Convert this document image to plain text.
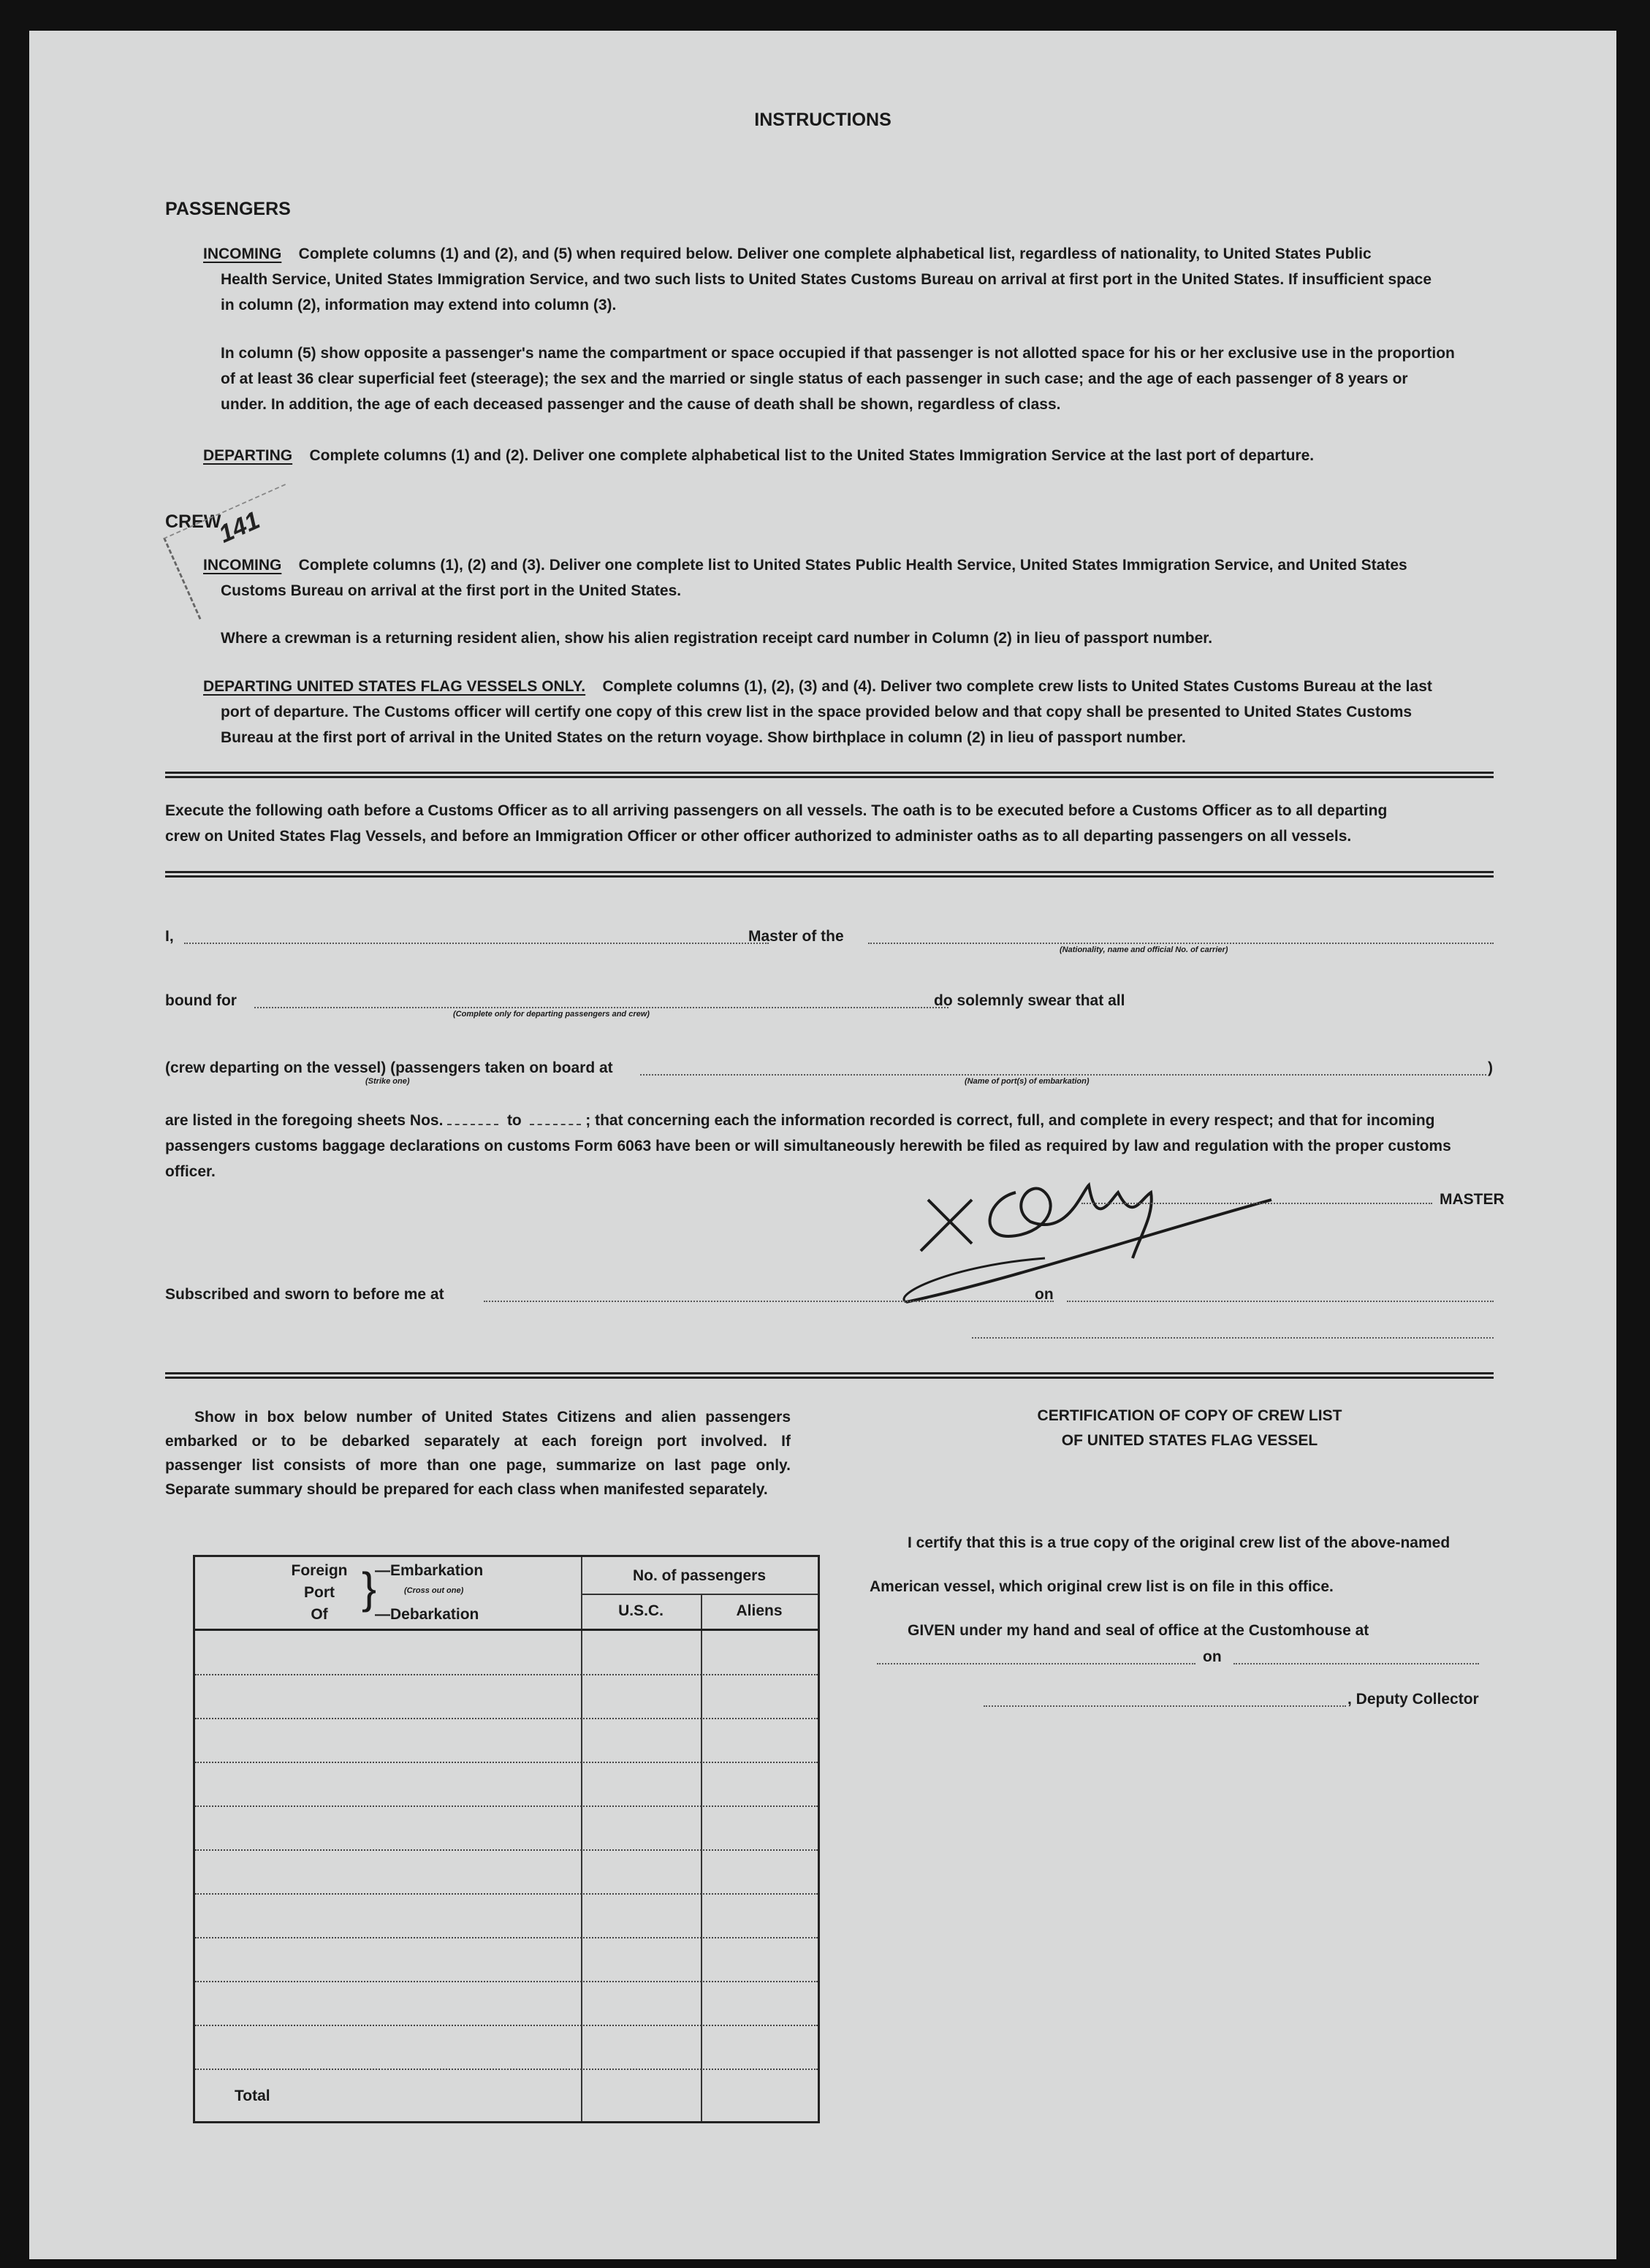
INSTRUCTIONS
PASSENGERS
INCOMING Complete columns (1) and (2), and (5) when required below. Deliver one complete alphabetical list, regardless of nationality, to United States Public
Health Service, United States Immigration Service, and two such lists to United States Customs Bureau on arrival at first port in the United States. If insufficient space
in column (2), information may extend into column (3).
In column (5) show opposite a passenger's name the compartment or space occupied if that passenger is not allotted space for his or her exclusive use in the proportion
of at least 36 clear superficial feet (steerage); the sex and the married or single status of each passenger in such case; and the age of each passenger of 8 years or
under. In addition, the age of each deceased passenger and the cause of death shall be shown, regardless of class.
DEPARTING Complete columns (1) and (2). Deliver one complete alphabetical list to the United States Immigration Service at the last port of departure.
CREW
141
INCOMING Complete columns (1), (2) and (3). Deliver one complete list to United States Public Health Service, United States Immigration Service, and United States
Customs Bureau on arrival at the first port in the United States.
Where a crewman is a returning resident alien, show his alien registration receipt card number in Column (2) in lieu of passport number.
DEPARTING UNITED STATES FLAG VESSELS ONLY. Complete columns (1), (2), (3) and (4). Deliver two complete crew lists to United States Customs Bureau at the last
port of departure. The Customs officer will certify one copy of this crew list in the space provided below and that copy shall be presented to United States Customs
Bureau at the first port of arrival in the United States on the return voyage. Show birthplace in column (2) in lieu of passport number.
Execute the following oath before a Customs Officer as to all arriving passengers on all vessels. The oath is to be executed before a Customs Officer as to all departing
crew on United States Flag Vessels, and before an Immigration Officer or other officer authorized to administer oaths as to all departing passengers on all vessels.
I,	Master of the
(Nationality, name and official No. of carrier)
bound for
(Complete only for departing passengers and crew)
do solemnly swear that all
(crew departing on the vessel) (passengers taken on board at	)
(Strike one)	(Name of port(s) of embarkation)
are listed in the foregoing sheets Nos.	to	; that concerning each the information recorded is correct, full, and complete in every respect; and that for incoming
passengers customs baggage declarations on customs Form 6063 have been or will simultaneously herewith be filed as required by law and regulation with the proper customs
officer.
MASTER
Subscribed and sworn to before me at	on
Show in box below number of United States Citizens and alien passengers
embarked or to be debarked separately at each foreign port involved. If
passenger list consists of more than one page, summarize on last page only.
Separate summary should be prepared for each class when manifested separately.
Foreign
Port
Of
}
—Embarkation
(Cross out one)
—Debarkation
No. of passengers
U.S.C.	Aliens
Total
CERTIFICATION OF COPY OF CREW LIST
OF UNITED STATES FLAG VESSEL
I certify that this is a true copy of the original crew list of the above-named
American vessel, which original crew list is on file in this office.
GIVEN under my hand and seal of office at the Customhouse at
on
, Deputy Collector
